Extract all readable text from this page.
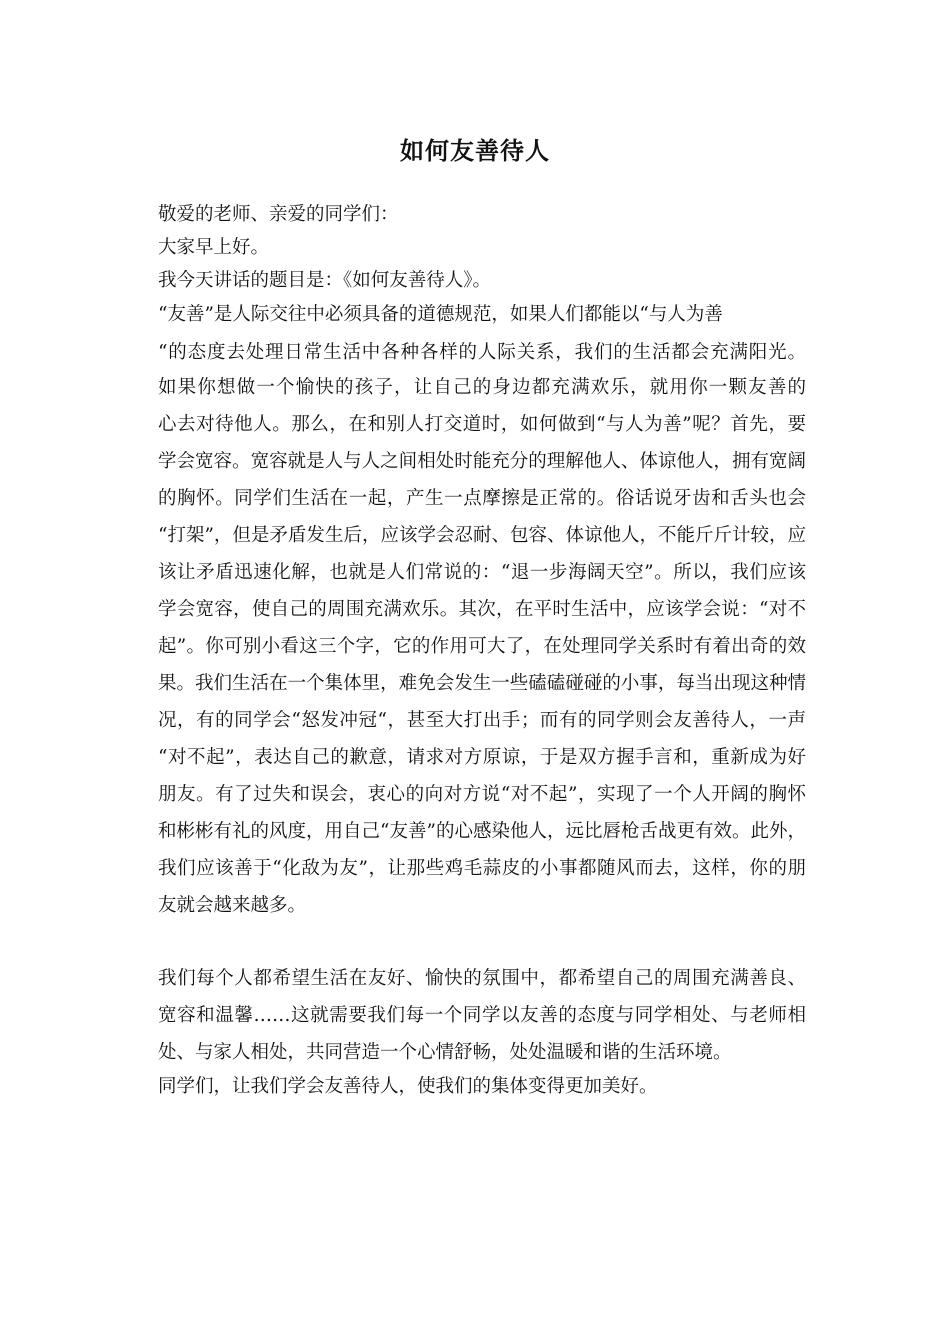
如何友善待人
敬爱的老师、亲爱的同学们：
大家早上好。
我今天讲话的题目是：《如何友善待人》。
“友善”是人际交往中必须具备的道德规范，如果人们都能以“与人为善
“的态度去处理日常生活中各种各样的人际关系，我们的生活都会充满阳光。
如果你想做一个愉快的孩子，让自己的身边都充满欢乐，就用你一颗友善的
心去对待他人。那么，在和别人打交道时，如何做到“与人为善”呢？首先，要
学会宽容。宽容就是人与人之间相处时能充分的理解他人、体谅他人，拥有宽阔
的胸怀。同学们生活在一起，产生一点摩擦是正常的。俗话说牙齿和舌头也会
“打架”，但是矛盾发生后，应该学会忍耐、包容、体谅他人，不能斤斤计较，应
该让矛盾迅速化解，也就是人们常说的：“退一步海阔天空”。所以，我们应该
学会宽容，使自己的周围充满欢乐。其次，在平时生活中，应该学会说：“对不
起”。你可别小看这三个字，它的作用可大了，在处理同学关系时有着出奇的效
果。我们生活在一个集体里，难免会发生一些磕磕碰碰的小事，每当出现这种情
况，有的同学会“怒发冲冠“，甚至大打出手；而有的同学则会友善待人，一声
“对不起”，表达自己的歉意，请求对方原谅，于是双方握手言和，重新成为好
朋友。有了过失和误会，衷心的向对方说“对不起”，实现了一个人开阔的胸怀
和彬彬有礼的风度，用自己“友善”的心感染他人，远比唇枪舌战更有效。此外，
我们应该善于“化敌为友”，让那些鸡毛蒜皮的小事都随风而去，这样，你的朋
友就会越来越多。
我们每个人都希望生活在友好、愉快的氛围中，都希望自己的周围充满善良、
宽容和温馨……这就需要我们每一个同学以友善的态度与同学相处、与老师相
处、与家人相处，共同营造一个心情舒畅，处处温暖和谐的生活环境。
同学们，让我们学会友善待人，使我们的集体变得更加美好。
